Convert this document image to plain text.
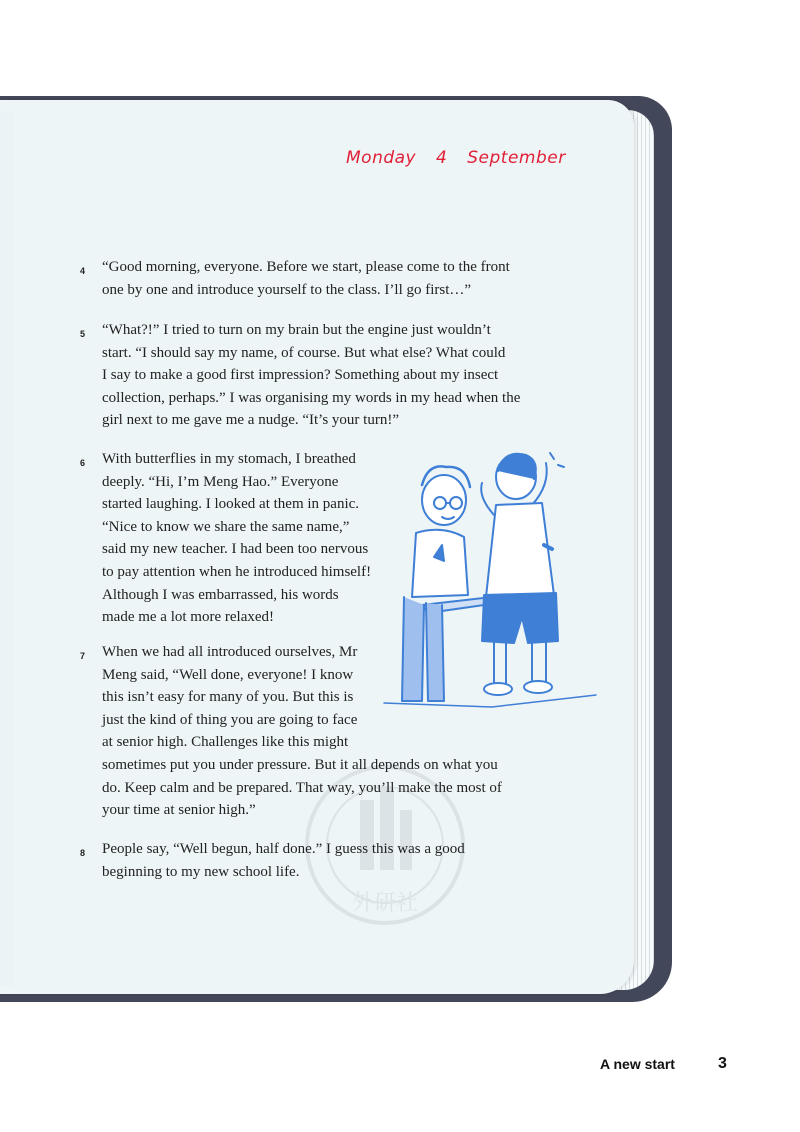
Monday 4 September
外研社
4 “Good morning, everyone. Before we start, please come to the front
one by one and introduce yourself to the class. I’ll go first…”
5 “What?!” I tried to turn on my brain but the engine just wouldn’t
start. “I should say my name, of course. But what else? What could
I say to make a good first impression? Something about my insect
collection, perhaps.” I was organising my words in my head when the
girl next to me gave me a nudge. “It’s your turn!”
6 With butterflies in my stomach, I breathed
deeply. “Hi, I’m Meng Hao.” Everyone
started laughing. I looked at them in panic.
“Nice to know we share the same name,”
said my new teacher. I had been too nervous
to pay attention when he introduced himself!
Although I was embarrassed, his words
made me a lot more relaxed!
7 When we had all introduced ourselves, Mr
Meng said, “Well done, everyone! I know
this isn’t easy for many of you. But this is
just the kind of thing you are going to face
at senior high. Challenges like this might
sometimes put you under pressure. But it all depends on what you
do. Keep calm and be prepared. That way, you’ll make the most of
your time at senior high.”
8 People say, “Well begun, half done.” I guess this was a good
beginning to my new school life.
A new start	3
